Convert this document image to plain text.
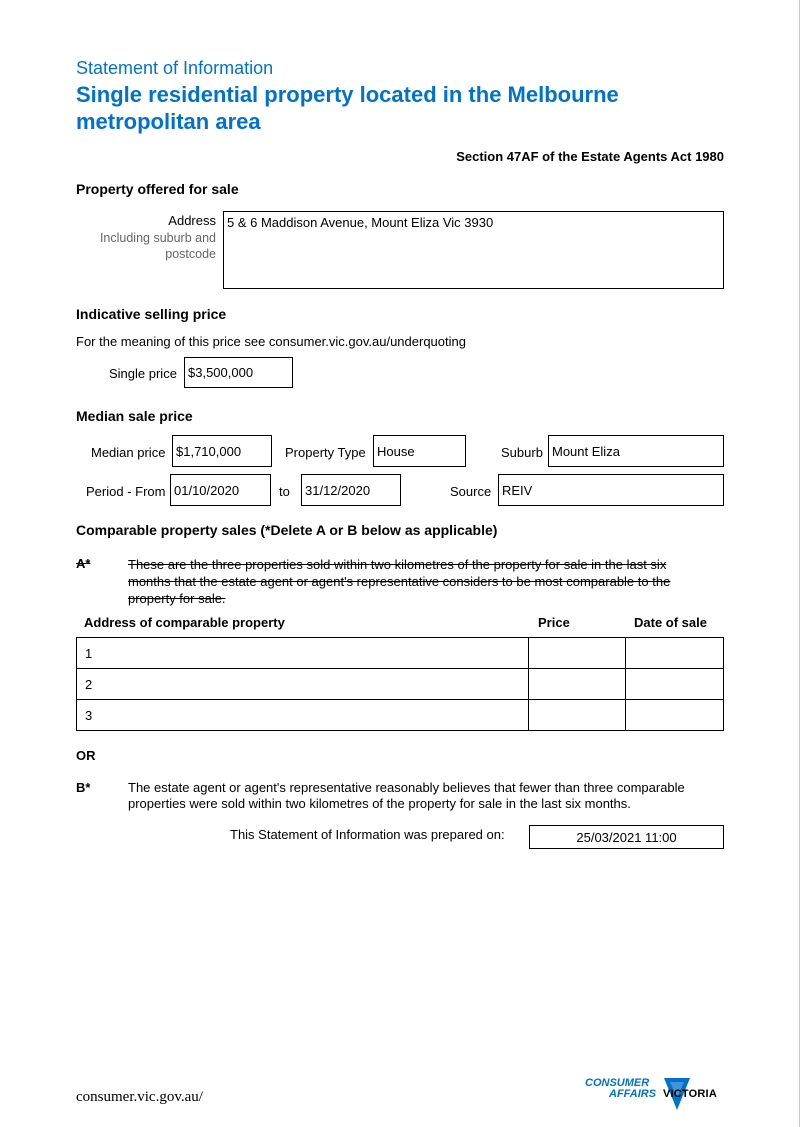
Statement of Information
Single residential property located in the Melbourne metropolitan area
Section 47AF of the Estate Agents Act 1980
Property offered for sale
Address
Including suburb and
postcode
5 & 6 Maddison Avenue, Mount Eliza Vic 3930
Indicative selling price
For the meaning of this price see consumer.vic.gov.au/underquoting
Single price $3,500,000
Median sale price
Median price $1,710,000	Property Type House	Suburb Mount Eliza
Period - From 01/10/2020	to	31/12/2020	Source REIV
Comparable property sales (*Delete A or B below as applicable)
A*	These are the three properties sold within two kilometres of the property for sale in the last six
months that the estate agent or agent's representative considers to be most comparable to the
property for sale.
Address of comparable property	Price	Date of sale
1		
2		
3		
OR
B*	The estate agent or agent's representative reasonably believes that fewer than three comparable
properties were sold within two kilometres of the property for sale in the last six months.
This Statement of Information was prepared on:	25/03/2021 11:00
consumer.vic.gov.au/
CONSUMER
AFFAIRS VICTORIA
